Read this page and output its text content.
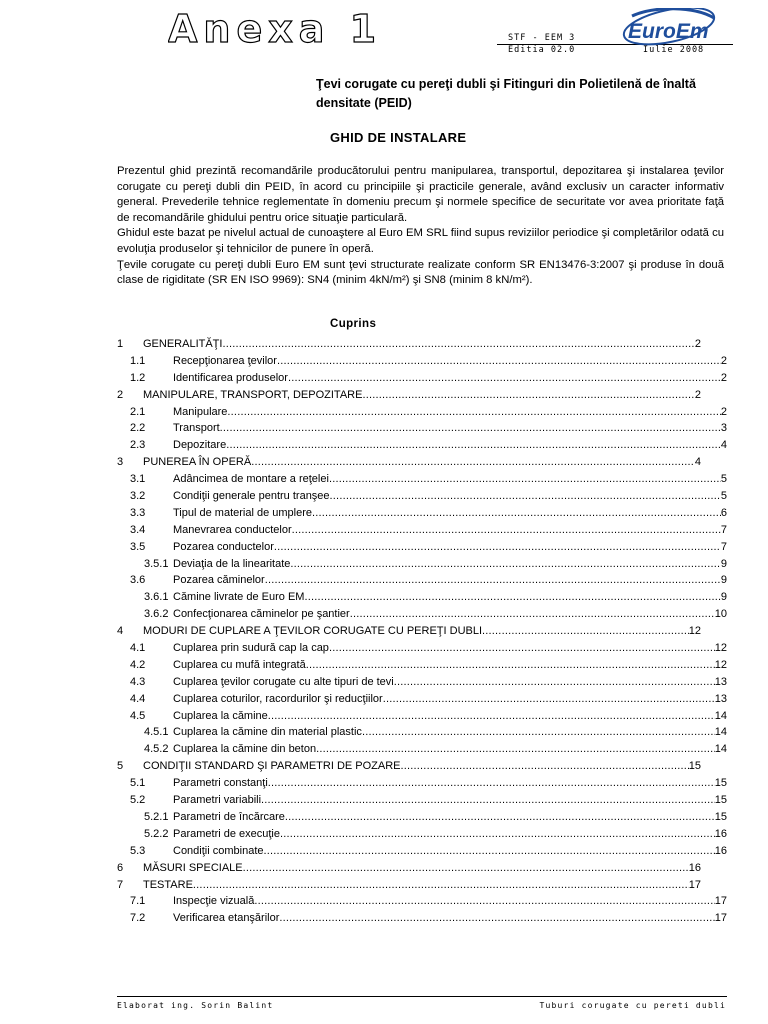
Anexa 1	STF - EEM 3
Editia 02.0	Iulie 2008
EuroEm
Ţevi corugate cu pereţi dubli şi Fitinguri din Polietilenă de înaltă densitate (PEID)
GHID DE INSTALARE

Prezentul ghid prezintă recomandările producătorului pentru manipularea, transportul, depozitarea şi instalarea ţevilor corugate cu pereţi dubli din PEID, în acord cu principiile şi practicile generale, având exclusiv un caracter informativ general. Prevederile tehnice reglementate în domeniu precum şi normele specifice de securitate vor avea prioritate faţă de recomandările ghidului pentru orice situaţie particulară.

Ghidul este bazat pe nivelul actual de cunoaştere al Euro EM SRL fiind supus reviziilor periodice şi completărilor odată cu evoluţia produselor şi tehnicilor de punere în operă.

Ţevile corugate cu pereţi dubli Euro EM sunt ţevi structurate realizate conform SR EN13476-3:2007 şi produse în două clase de rigiditate (SR EN ISO 9969): SN4 (minim 4kN/m²) şi SN8 (minim 8 kN/m²).

Cuprins
1 GENERALITĂŢI .....	2
1.1	Recepţionarea ţevilor .....	2
1.2	Identificarea produselor .....	2
2 MANIPULARE, TRANSPORT, DEPOZITARE .....	2
2.1	Manipulare .....	2
2.2	Transport .....	3
2.3	Depozitare .....	4
3 PUNEREA ÎN OPERĂ .....	4
3.1	Adâncimea de montare a reţelei .....	5
3.2	Condiţii generale pentru tranşee .....	5
3.3	Tipul de material de umplere .....	6
3.4	Manevrarea conductelor .....	7
3.5	Pozarea conductelor .....	7
3.5.1 Deviaţia de la linearitate .....	9
3.6	Pozarea căminelor .....	9
3.6.1 Cămine livrate de Euro EM .....	9
3.6.2 Confecţionarea căminelor pe şantier .....	10
4 MODURI DE CUPLARE A ŢEVILOR CORUGATE CU PEREŢI DUBLI .....	12
4.1	Cuplarea prin sudură cap la cap .....	12
4.2	Cuplarea cu mufă integrată .....	12
4.3	Cuplarea ţevilor corugate cu alte tipuri de tevi .....	13
4.4	Cuplarea coturilor, racordurilor şi reducţiilor .....	13
4.5	Cuplarea la cămine .....	14
4.5.1 Cuplarea la cămine din material plastic .....	14
4.5.2 Cuplarea la cămine din beton .....	14
5 CONDIŢII STANDARD ŞI PARAMETRI DE POZARE .....	15
5.1	Parametri constanţi .....	15
5.2	Parametri variabili .....	15
5.2.1 Parametri de încărcare .....	15
5.2.2 Parametri de execuţie .....	16
5.3	Condiţii combinate .....	16
6 MĂSURI SPECIALE .....	16
7 TESTARE .....	17
7.1	Inspecţie vizuală .....	17
7.2	Verificarea etanşărilor .....	17
Elaborat ing. Sorin Balint	Tuburi corugate cu pereti dubli
